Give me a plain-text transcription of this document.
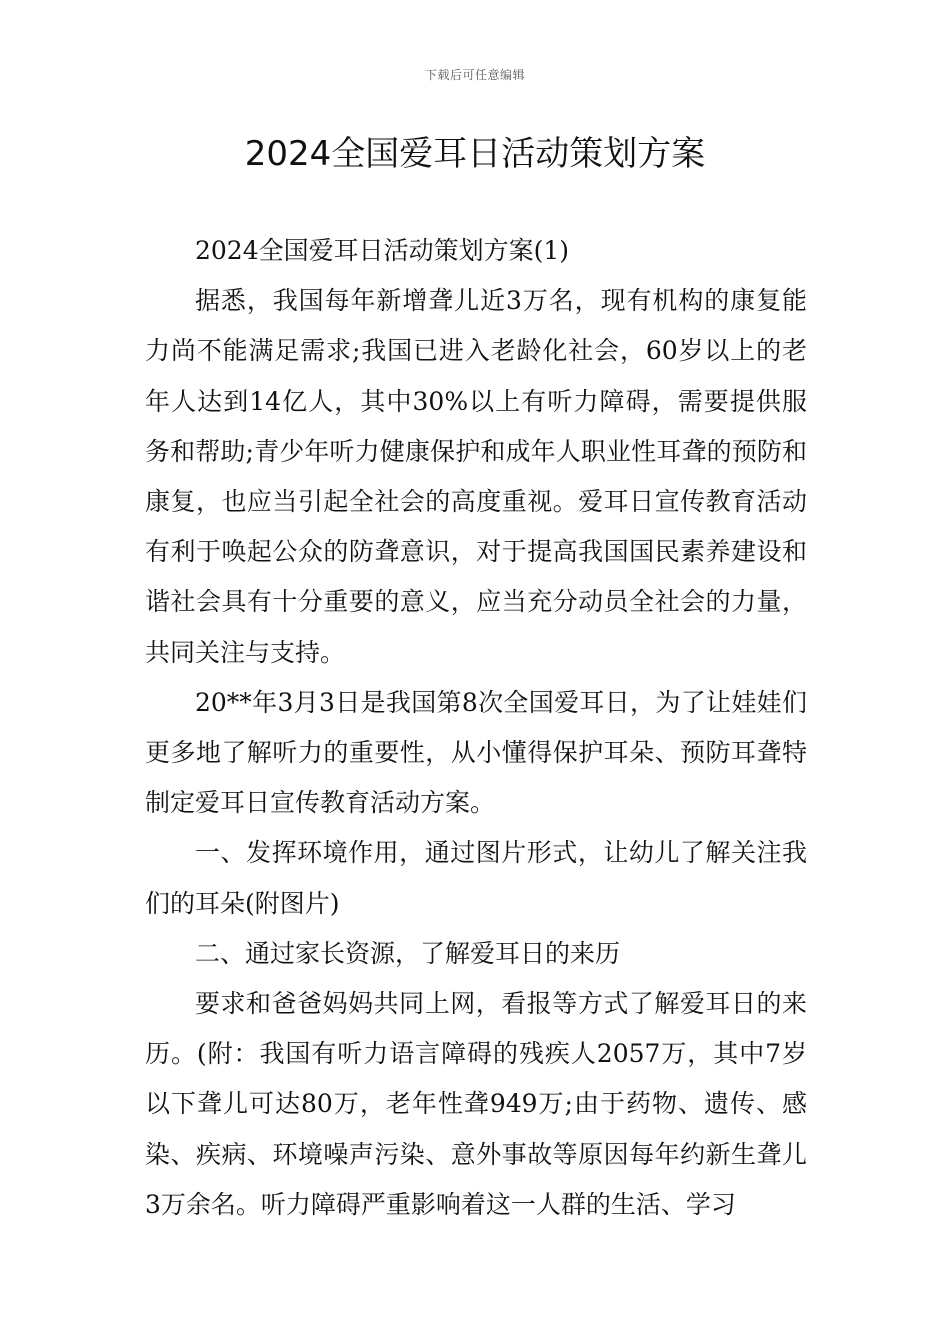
下载后可任意编辑
2024全国爱耳日活动策划方案

2024全国爱耳日活动策划方案(1)

据悉，我国每年新增聋儿近3万名，现有机构的康复能力尚不能满足需求;我国已进入老龄化社会，60岁以上的老年人达到14亿人，其中30%以上有听力障碍，需要提供服务和帮助;青少年听力健康保护和成年人职业性耳聋的预防和康复，也应当引起全社会的高度重视。爱耳日宣传教育活动有利于唤起公众的防聋意识，对于提高我国国民素养建设和谐社会具有十分重要的意义，应当充分动员全社会的力量，共同关注与支持。

20**年3月3日是我国第8次全国爱耳日，为了让娃娃们更多地了解听力的重要性，从小懂得保护耳朵、预防耳聋特制定爱耳日宣传教育活动方案。

一、发挥环境作用，通过图片形式，让幼儿了解关注我们的耳朵(附图片)

二、通过家长资源，了解爱耳日的来历

要求和爸爸妈妈共同上网，看报等方式了解爱耳日的来历。(附：我国有听力语言障碍的残疾人2057万，其中7岁以下聋儿可达80万，老年性聋949万;由于药物、遗传、感染、疾病、环境噪声污染、意外事故等原因每年约新生聋儿3万余名。听力障碍严重影响着这一人群的生活、学习
